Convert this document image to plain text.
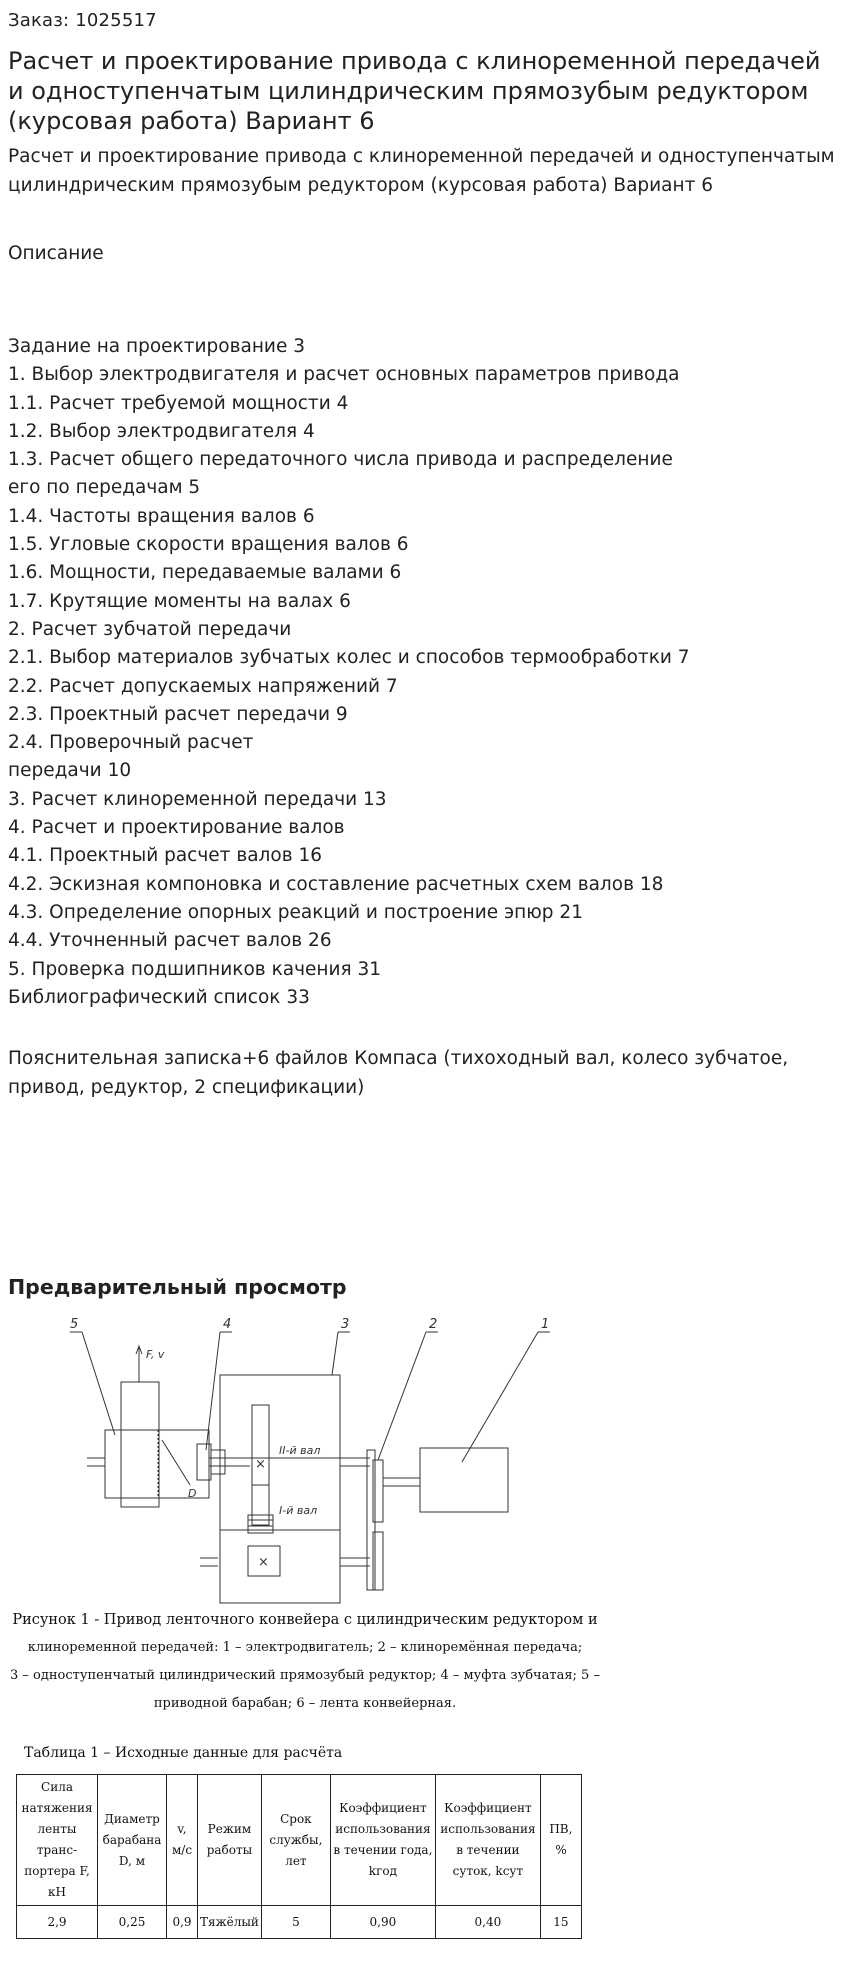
Заказ: 1025517
Расчет и проектирование привода с клиноременной передачей и одноступенчатым цилиндрическим прямозубым редуктором (курсовая работа) Вариант 6
Расчет и проектирование привода с клиноременной передачей и одноступенчатым цилиндрическим прямозубым редуктором (курсовая работа) Вариант 6
Описание
Задание на проектирование 3
1. Выбор электродвигателя и расчет основных параметров привода
1.1. Расчет требуемой мощности 4
1.2. Выбор электродвигателя 4
1.3. Расчет общего передаточного числа привода и распределение
его по передачам 5
1.4. Частоты вращения валов 6
1.5. Угловые скорости вращения валов 6
1.6. Мощности, передаваемые валами 6
1.7. Крутящие моменты на валах 6
2. Расчет зубчатой передачи
2.1. Выбор материалов зубчатых колес и способов термообработки 7
2.2. Расчет допускаемых напряжений 7
2.3. Проектный расчет передачи 9
2.4. Проверочный расчет
передачи 10
3. Расчет клиноременной передачи 13
4. Расчет и проектирование валов
4.1. Проектный расчет валов 16
4.2. Эскизная компоновка и составление расчетных схем валов 18
4.3. Определение опорных реакций и построение эпюр 21
4.4. Уточненный расчет валов 26
5. Проверка подшипников качения 31
Библиографический список 33
Пояснительная записка+6 файлов Компаса (тихоходный вал, колесо зубчатое, привод, редуктор, 2 спецификации)
Предварительный просмотр
5	4	3	2	1
F, v
II-й вал
I-й вал
D
×
×
Рисунок 1 - Привод ленточного конвейера с цилиндрическим редуктором и
клиноременной передачей: 1 – электродвигатель; 2 – клиноремённая передача;
3 – одноступенчатый цилиндрический прямозубый редуктор; 4 – муфта зубчатая; 5 –
приводной барабан; 6 – лента конвейерная.
Таблица 1 – Исходные данные для расчёта
Сила натяжения ленты транс-портера F, кН	Диаметр барабана D, м	v, м/с	Режим работы	Срок службы, лет	Коэффициент использования в течении года, kгод	Коэффициент использования в течении суток, kсут	ПВ, %
2,9	0,25	0,9	Тяжёлый	5	0,90	0,40	15
